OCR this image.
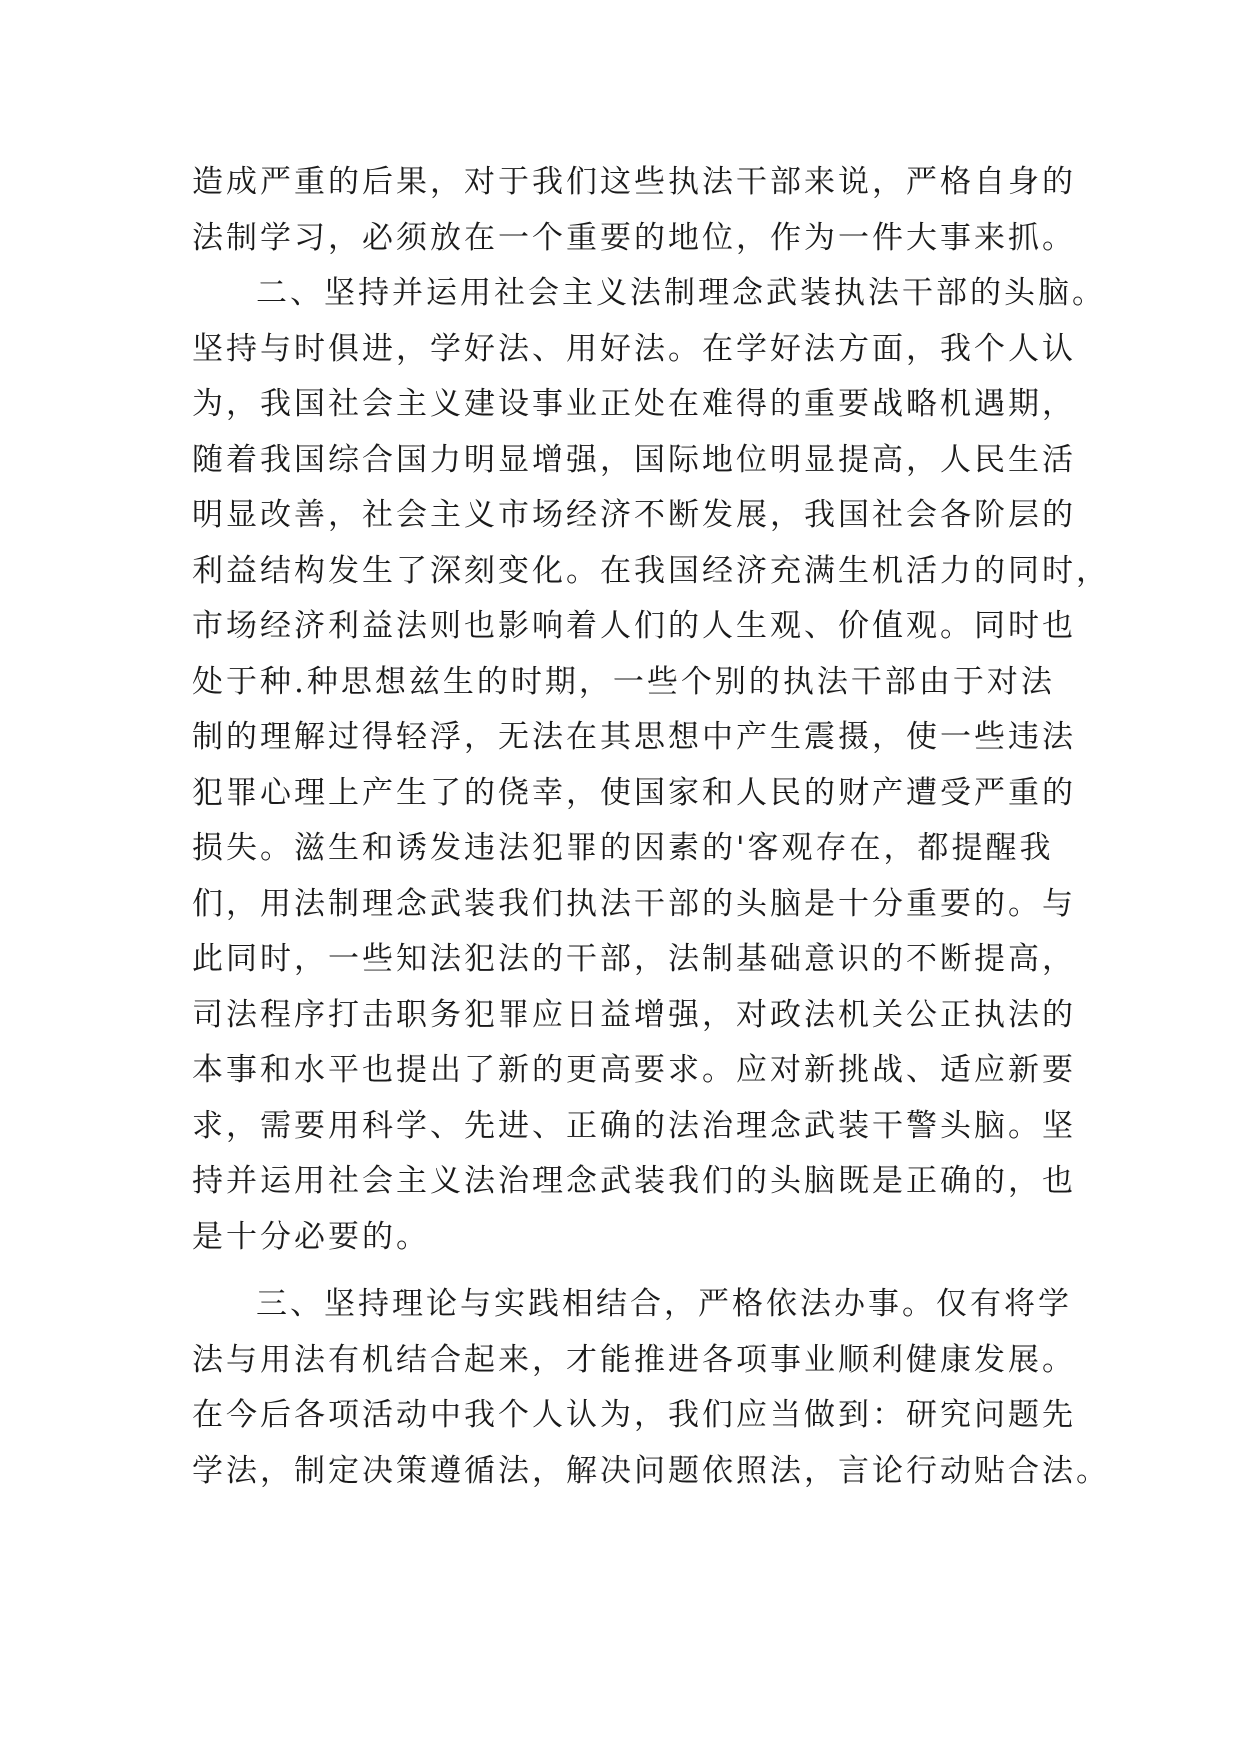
造成严重的后果，对于我们这些执法干部来说，严格自身的
法制学习，必须放在一个重要的地位，作为一件大事来抓。
二、坚持并运用社会主义法制理念武装执法干部的头脑。
坚持与时俱进，学好法、用好法。在学好法方面，我个人认
为，我国社会主义建设事业正处在难得的重要战略机遇期，
随着我国综合国力明显增强，国际地位明显提高，人民生活
明显改善，社会主义市场经济不断发展，我国社会各阶层的
利益结构发生了深刻变化。在我国经济充满生机活力的同时，
市场经济利益法则也影响着人们的人生观、价值观。同时也
处于种.种思想兹生的时期，一些个别的执法干部由于对法
制的理解过得轻浮，无法在其思想中产生震摄，使一些违法
犯罪心理上产生了的侥幸，使国家和人民的财产遭受严重的
损失。滋生和诱发违法犯罪的因素的'客观存在，都提醒我
们，用法制理念武装我们执法干部的头脑是十分重要的。与
此同时，一些知法犯法的干部，法制基础意识的不断提高，
司法程序打击职务犯罪应日益增强，对政法机关公正执法的
本事和水平也提出了新的更高要求。应对新挑战、适应新要
求，需要用科学、先进、正确的法治理念武装干警头脑。坚
持并运用社会主义法治理念武装我们的头脑既是正确的，也
是十分必要的。
三、坚持理论与实践相结合，严格依法办事。仅有将学
法与用法有机结合起来，才能推进各项事业顺利健康发展。
在今后各项活动中我个人认为，我们应当做到：研究问题先
学法，制定决策遵循法，解决问题依照法，言论行动贴合法。
